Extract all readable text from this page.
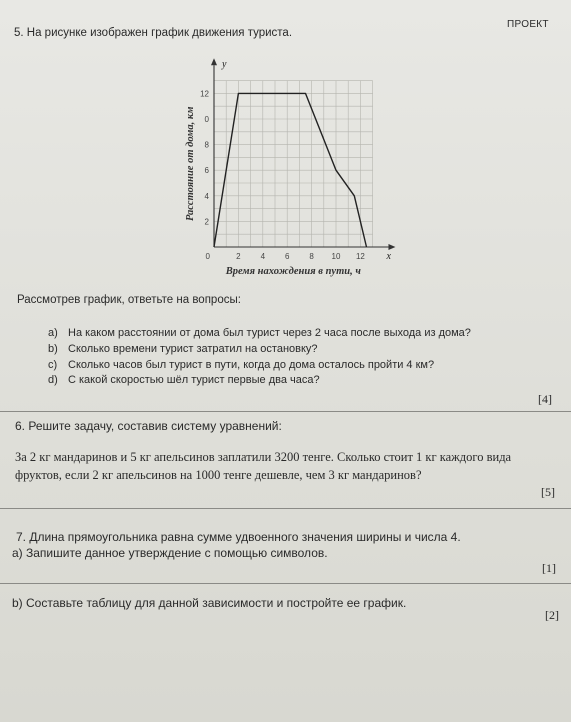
ПРОЕКТ
5. На рисунке изображен график движения туриста.
2 4 6 8 10 12
2
4
6
8
0
12
0	x
y
Время нахождения в пути, ч
Расстояние от дома, км
Рассмотрев график, ответьте на вопросы:
a) На каком расстоянии от дома был турист через 2 часа после выхода из дома?
b) Сколько времени турист затратил на остановку?
c) Сколько часов был турист в пути, когда до дома осталось пройти 4 км?
d) С какой скоростью шёл турист первые два часа?
[4]
6. Решите задачу, составив систему уравнений:
За 2 кг мандаринов и 5 кг апельсинов заплатили 3200 тенге. Сколько стоит 1 кг каждого вида
фруктов, если 2 кг апельсинов на 1000 тенге дешевле, чем 3 кг мандаринов?
[5]
7. Длина прямоугольника равна сумме удвоенного значения ширины и числа 4.
a) Запишите данное утверждение с помощью символов.
[1]
b) Составьте таблицу для данной зависимости и постройте ее график.
[2]
